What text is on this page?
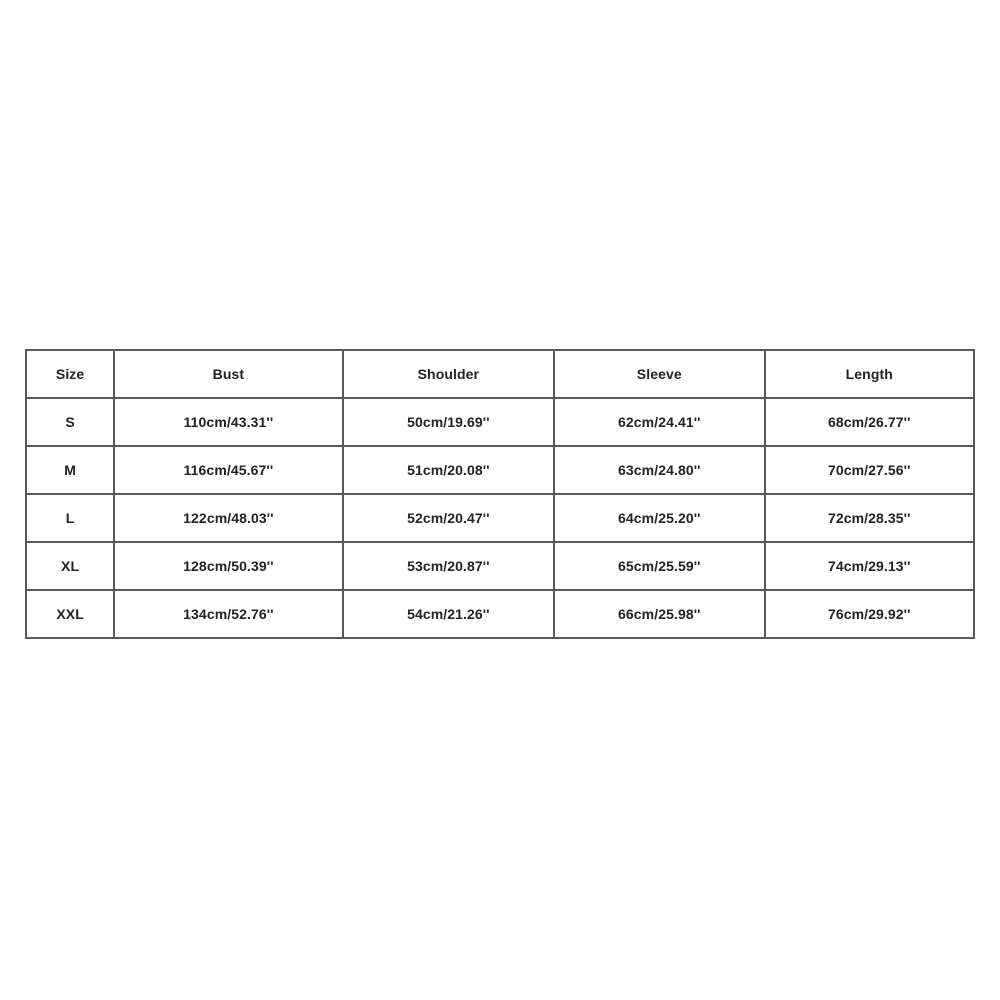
Size	Bust	Shoulder	Sleeve	Length
S	110cm/43.31''	50cm/19.69''	62cm/24.41''	68cm/26.77''
M	116cm/45.67''	51cm/20.08''	63cm/24.80''	70cm/27.56''
L	122cm/48.03''	52cm/20.47''	64cm/25.20''	72cm/28.35''
XL	128cm/50.39''	53cm/20.87''	65cm/25.59''	74cm/29.13''
XXL	134cm/52.76''	54cm/21.26''	66cm/25.98''	76cm/29.92''
